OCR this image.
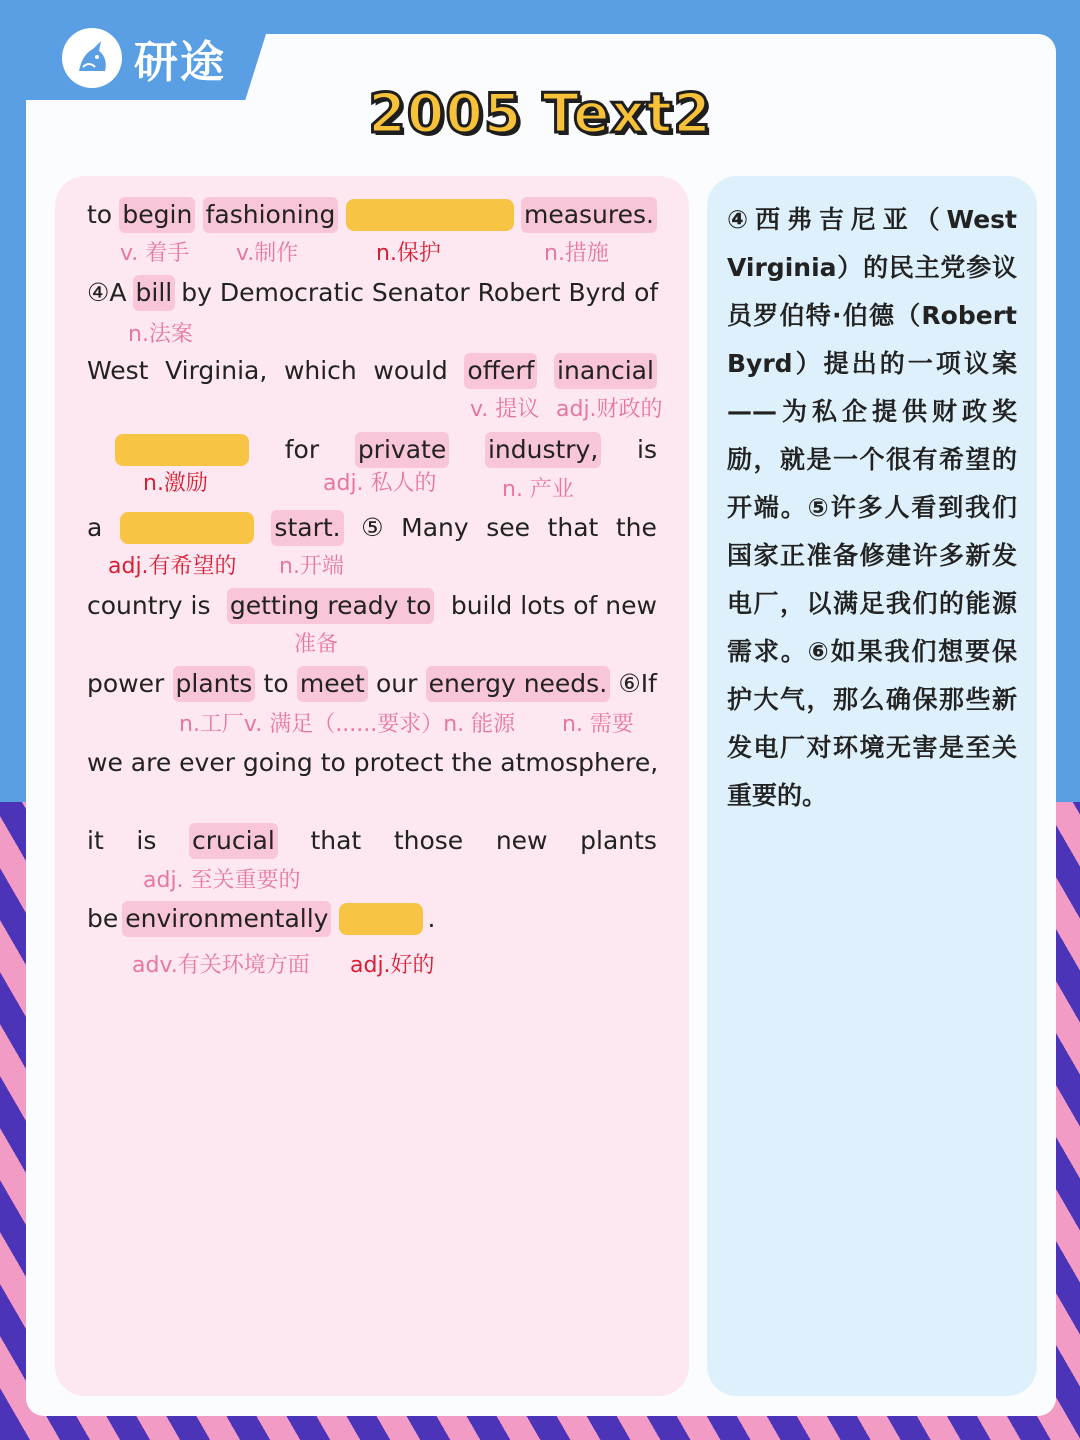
研途
2005 Text2
to begin fashioning	measures.
v. 着手 v.制作	n.保护	n.措施
④A bill by Democratic Senator Robert Byrd of
n.法案
West Virginia, which would offerf inancial
v. 提议 adj.财政的
for private industry, is
n.激励	adj. 私人的	n. 产业
a	start. ⑤ Many see that the
adj.有希望的 n.开端
country is getting ready to build lots of new
准备
power plants to meet our energy needs. ⑥If
n.工厂v. 满足（......要求）n. 能源 n. 需要
we are ever going to protect the atmosphere,
it is crucial that those new plants
adj. 至关重要的
be environmentally	.
adv.有关环境方面 adj.好的
④西弗吉尼亚（West Virginia）的民主党参议员罗伯特·伯德（Robert Byrd）提出的一项议案——为私企提供财政奖励，就是一个很有希望的开端。⑤许多人看到我们国家正准备修建许多新发电厂，以满足我们的能源需求。⑥如果我们想要保护大气，那么确保那些新发电厂对环境无害是至关重要的。
